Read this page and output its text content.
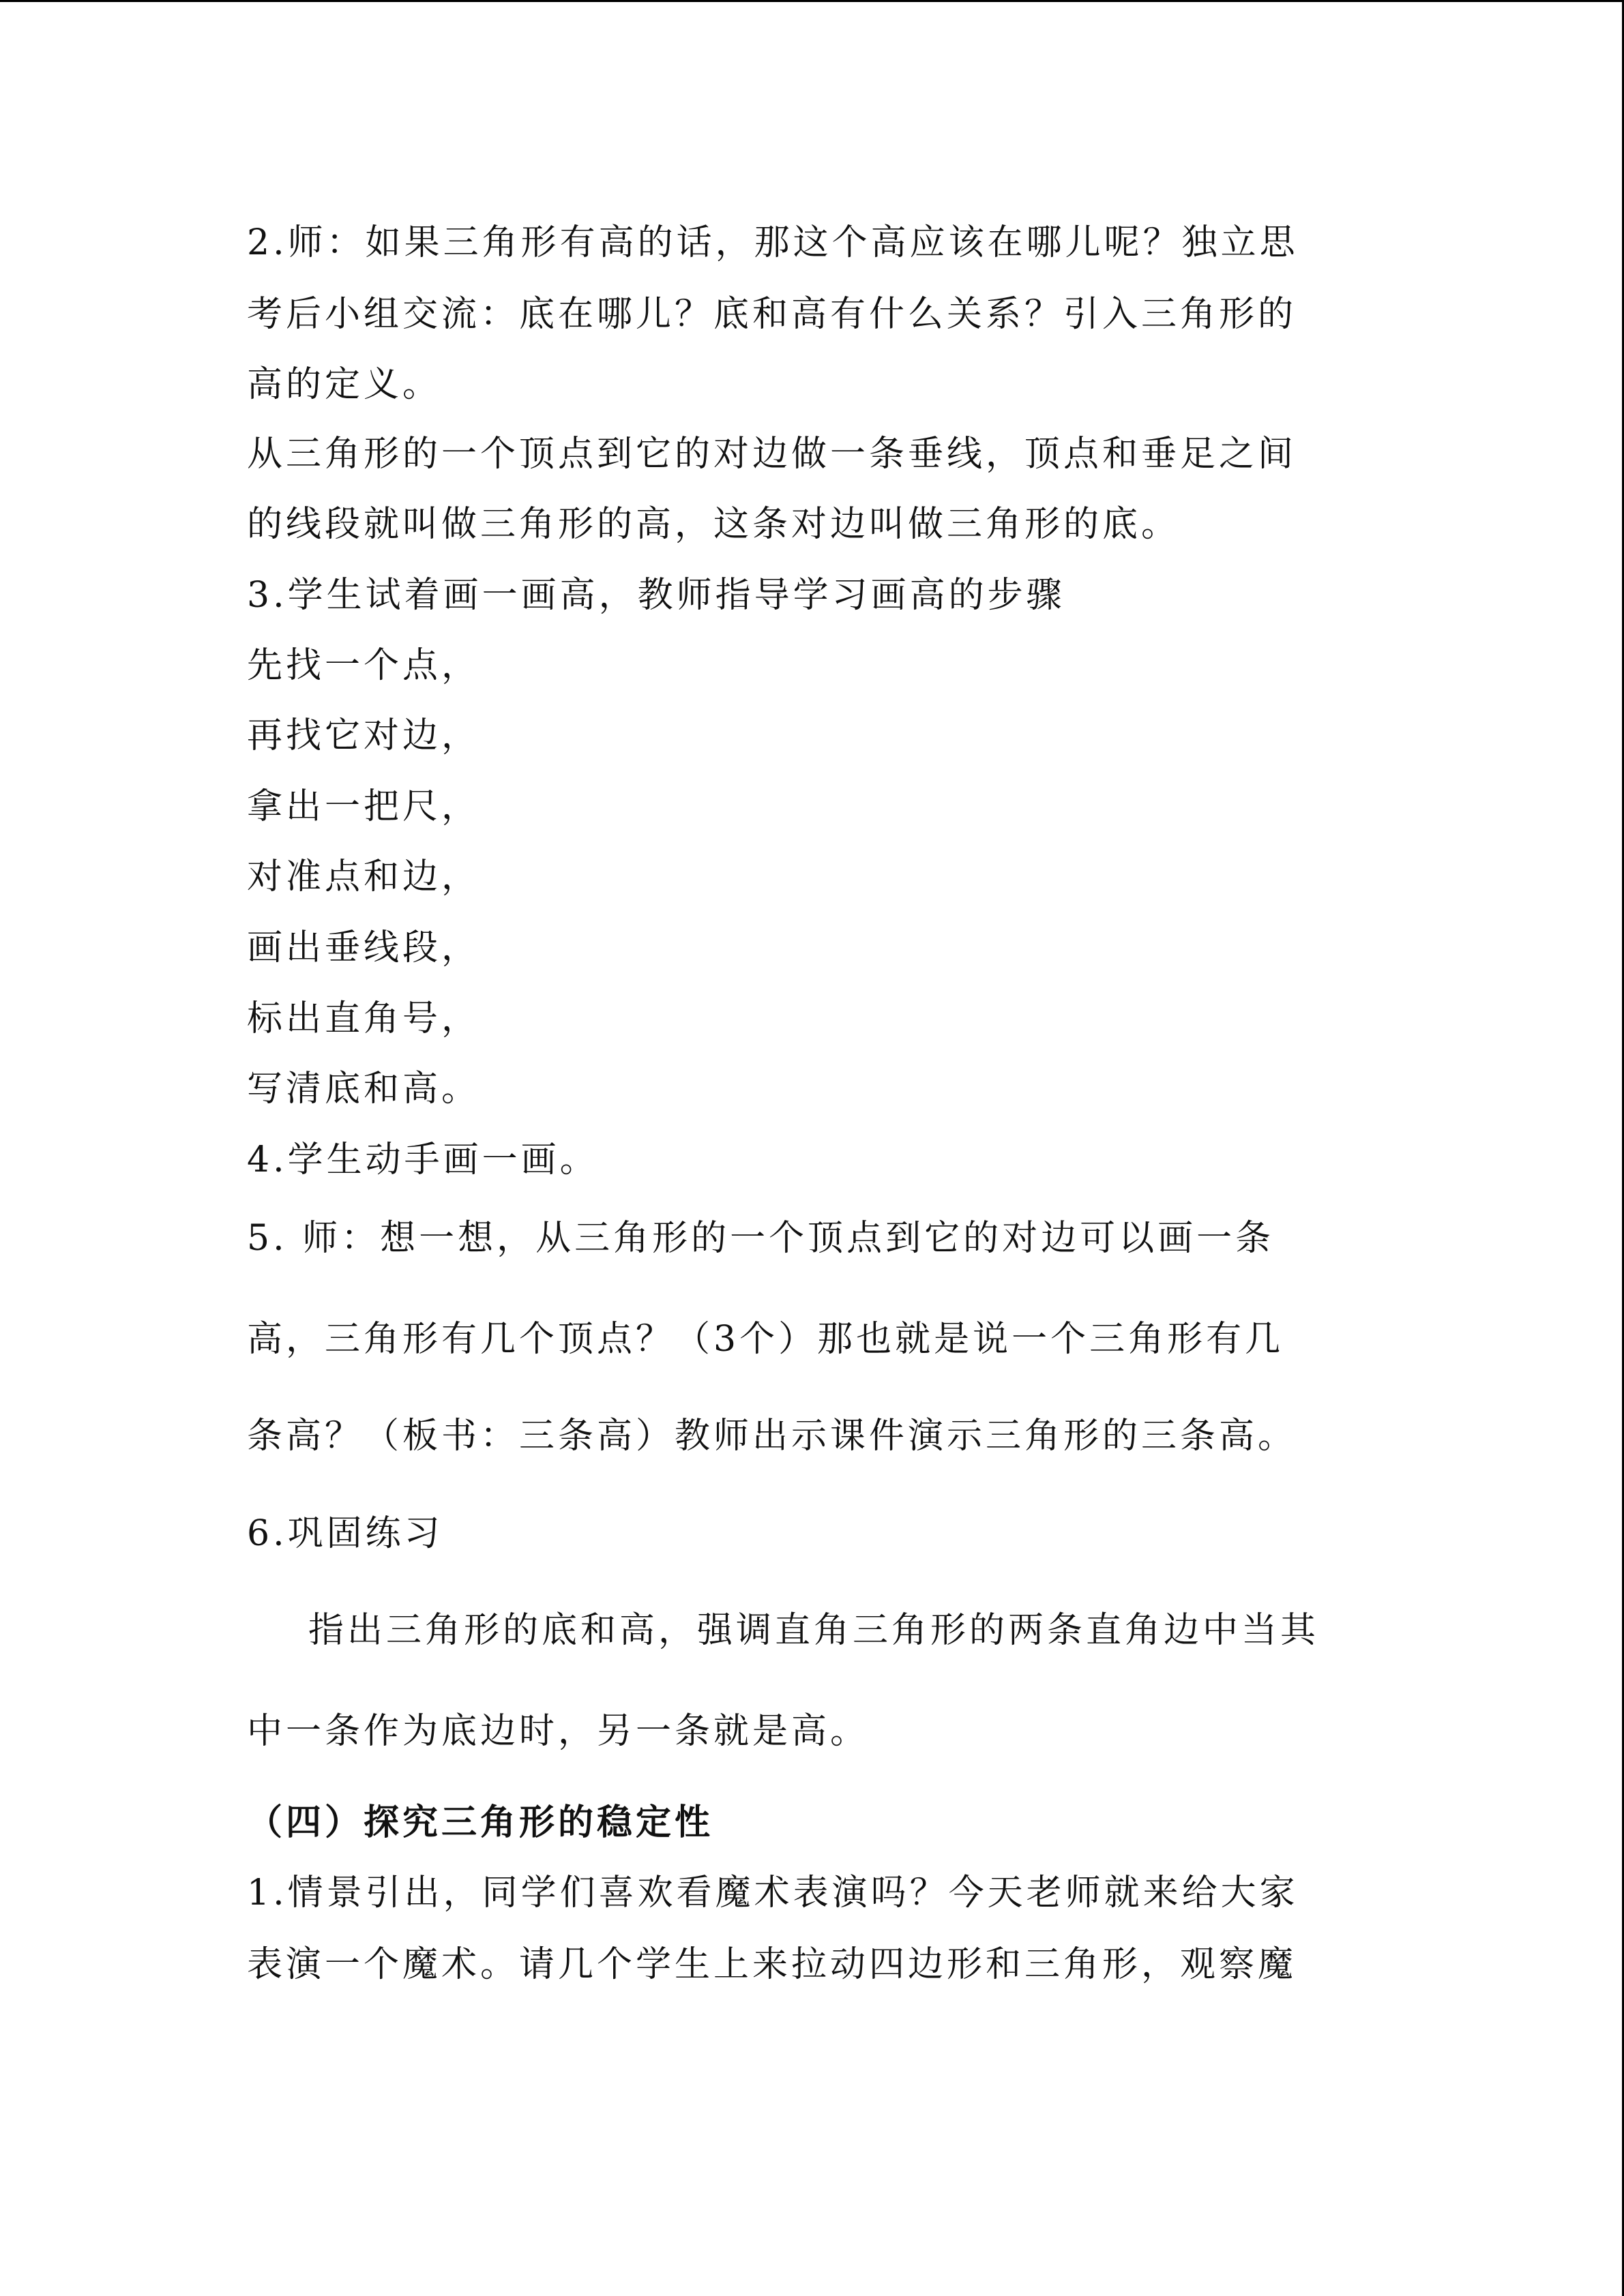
2.师：如果三角形有高的话，那这个高应该在哪儿呢？独立思
考后小组交流：底在哪儿？底和高有什么关系？引入三角形的
高的定义。
从三角形的一个顶点到它的对边做一条垂线，顶点和垂足之间
的线段就叫做三角形的高，这条对边叫做三角形的底。
3.学生试着画一画高，教师指导学习画高的步骤
先找一个点，
再找它对边，
拿出一把尺，
对准点和边，
画出垂线段，
标出直角号，
写清底和高。
4.学生动手画一画。
5. 师：想一想，从三角形的一个顶点到它的对边可以画一条
高，三角形有几个顶点？（3个）那也就是说一个三角形有几
条高？（板书：三条高）教师出示课件演示三角形的三条高。
6.巩固练习
指出三角形的底和高，强调直角三角形的两条直角边中当其
中一条作为底边时，另一条就是高。
（四）探究三角形的稳定性
1.情景引出，同学们喜欢看魔术表演吗？今天老师就来给大家
表演一个魔术。请几个学生上来拉动四边形和三角形，观察魔
